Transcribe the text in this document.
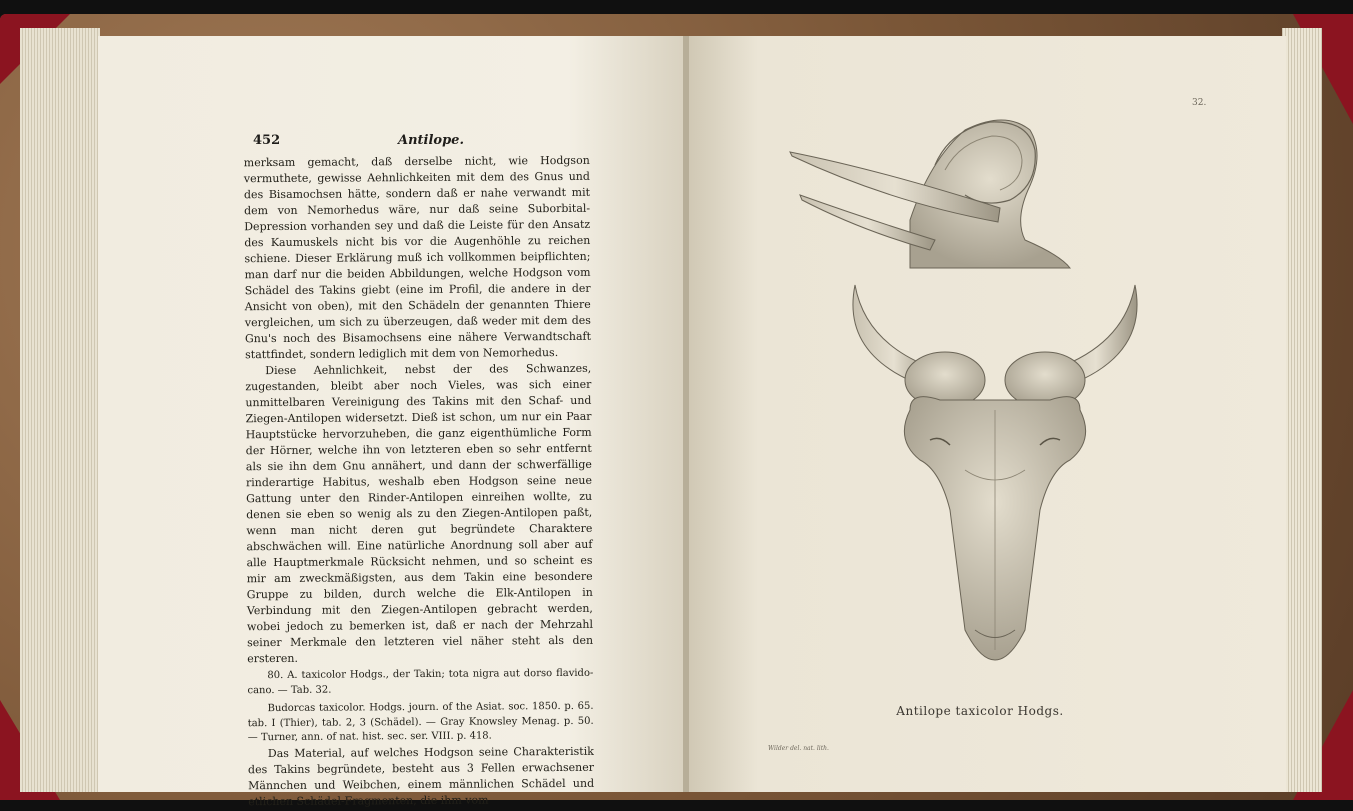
452	Antilope.

merksam gemacht, daß derselbe nicht, wie Hodgson vermuthete, gewisse Aehnlichkeiten mit dem des Gnus und des Bisamochsen hätte, sondern daß er nahe verwandt mit dem von Nemorhedus wäre, nur daß seine Suborbital-Depression vorhanden sey und daß die Leiste für den Ansatz des Kaumuskels nicht bis vor die Augenhöhle zu reichen schiene. Dieser Erklärung muß ich vollkommen beipflichten; man darf nur die beiden Abbildungen, welche Hodgson vom Schädel des Takins giebt (eine im Profil, die andere in der Ansicht von oben), mit den Schädeln der genannten Thiere vergleichen, um sich zu überzeugen, daß weder mit dem des Gnu's noch des Bisamochsens eine nähere Verwandtschaft stattfindet, sondern lediglich mit dem von Nemorhedus.

Diese Aehnlichkeit, nebst der des Schwanzes, zugestanden, bleibt aber noch Vieles, was sich einer unmittelbaren Vereinigung des Takins mit den Schaf- und Ziegen-Antilopen widersetzt. Dieß ist schon, um nur ein Paar Hauptstücke hervorzuheben, die ganz eigenthümliche Form der Hörner, welche ihn von letzteren eben so sehr entfernt als sie ihn dem Gnu annähert, und dann der schwerfällige rinderartige Habitus, weshalb eben Hodgson seine neue Gattung unter den Rinder-Antilopen einreihen wollte, zu denen sie eben so wenig als zu den Ziegen-Antilopen paßt, wenn man nicht deren gut begründete Charaktere abschwächen will. Eine natürliche Anordnung soll aber auf alle Hauptmerkmale Rücksicht nehmen, und so scheint es mir am zweckmäßigsten, aus dem Takin eine besondere Gruppe zu bilden, durch welche die Elk-Antilopen in Verbindung mit den Ziegen-Antilopen gebracht werden, wobei jedoch zu bemerken ist, daß er nach der Mehrzahl seiner Merkmale den letzteren viel näher steht als den ersteren.

80. A. taxicolor Hodgs., der Takin; tota nigra aut dorso flavido-cano. — Tab. 32.

Budorcas taxicolor. Hodgs. journ. of the Asiat. soc. 1850. p. 65. tab. I (Thier), tab. 2, 3 (Schädel). — Gray Knowsley Menag. p. 50. — Turner, ann. of nat. hist. sec. ser. VIII. p. 418.

Das Material, auf welches Hodgson seine Charakteristik des Takins begründete, besteht aus 3 Fellen erwachsener Männchen und Weibchen, einem männlichen Schädel und etlichen Schädel-Fragmenten, die ihm vom

32.
Antilope taxicolor Hodgs.
Wilder del. nat. lith.
